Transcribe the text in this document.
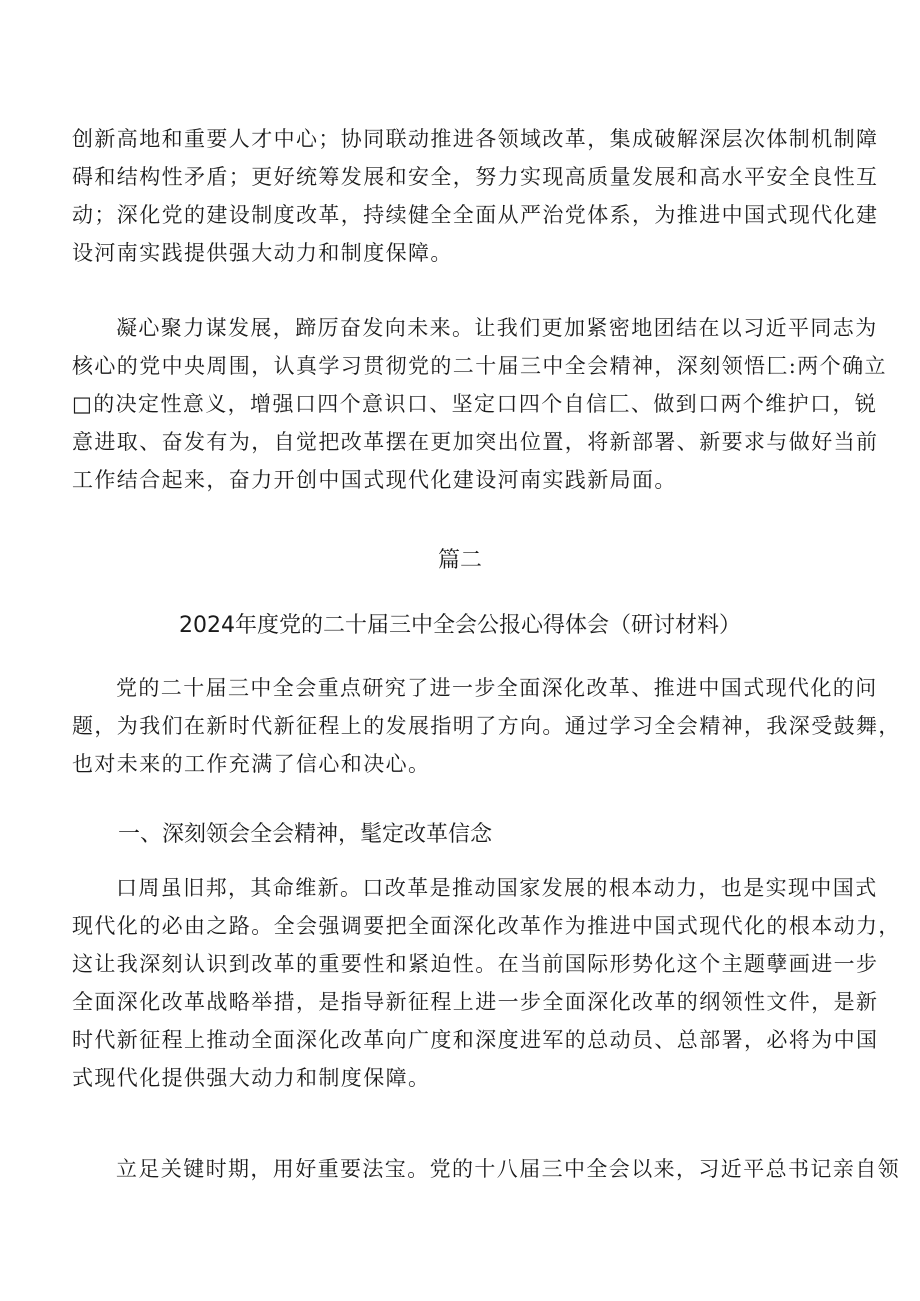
创新高地和重要人才中心；协同联动推进各领域改革，集成破解深层次体制机制障
碍和结构性矛盾；更好统筹发展和安全，努力实现高质量发展和高水平安全良性互
动；深化党的建设制度改革，持续健全全面从严治党体系，为推进中国式现代化建
设河南实践提供强大动力和制度保障。
凝心聚力谋发展，蹄厉奋发向未来。让我们更加紧密地团结在以习近平同志为
核心的党中央周围，认真学习贯彻党的二十届三中全会精神，深刻领悟匚:两个确立
□的决定性意义，增强口四个意识口、坚定口四个自信匚、做到口两个维护口，锐
意进取、奋发有为，自觉把改革摆在更加突出位置，将新部署、新要求与做好当前
工作结合起来，奋力开创中国式现代化建设河南实践新局面。
篇二
2024年度党的二十届三中全会公报心得体会（研讨材料）
党的二十届三中全会重点研究了进一步全面深化改革、推进中国式现代化的问
题，为我们在新时代新征程上的发展指明了方向。通过学习全会精神，我深受鼓舞，
也对未来的工作充满了信心和决心。
一、深刻领会全会精神，髦定改革信念
口周虽旧邦，其命维新。口改革是推动国家发展的根本动力，也是实现中国式
现代化的必由之路。全会强调要把全面深化改革作为推进中国式现代化的根本动力，
这让我深刻认识到改革的重要性和紧迫性。在当前国际形势化这个主题孽画进一步
全面深化改革战略举措，是指导新征程上进一步全面深化改革的纲领性文件，是新
时代新征程上推动全面深化改革向广度和深度进军的总动员、总部署，必将为中国
式现代化提供强大动力和制度保障。
立足关键时期，用好重要法宝。党的十八届三中全会以来，习近平总书记亲自领
